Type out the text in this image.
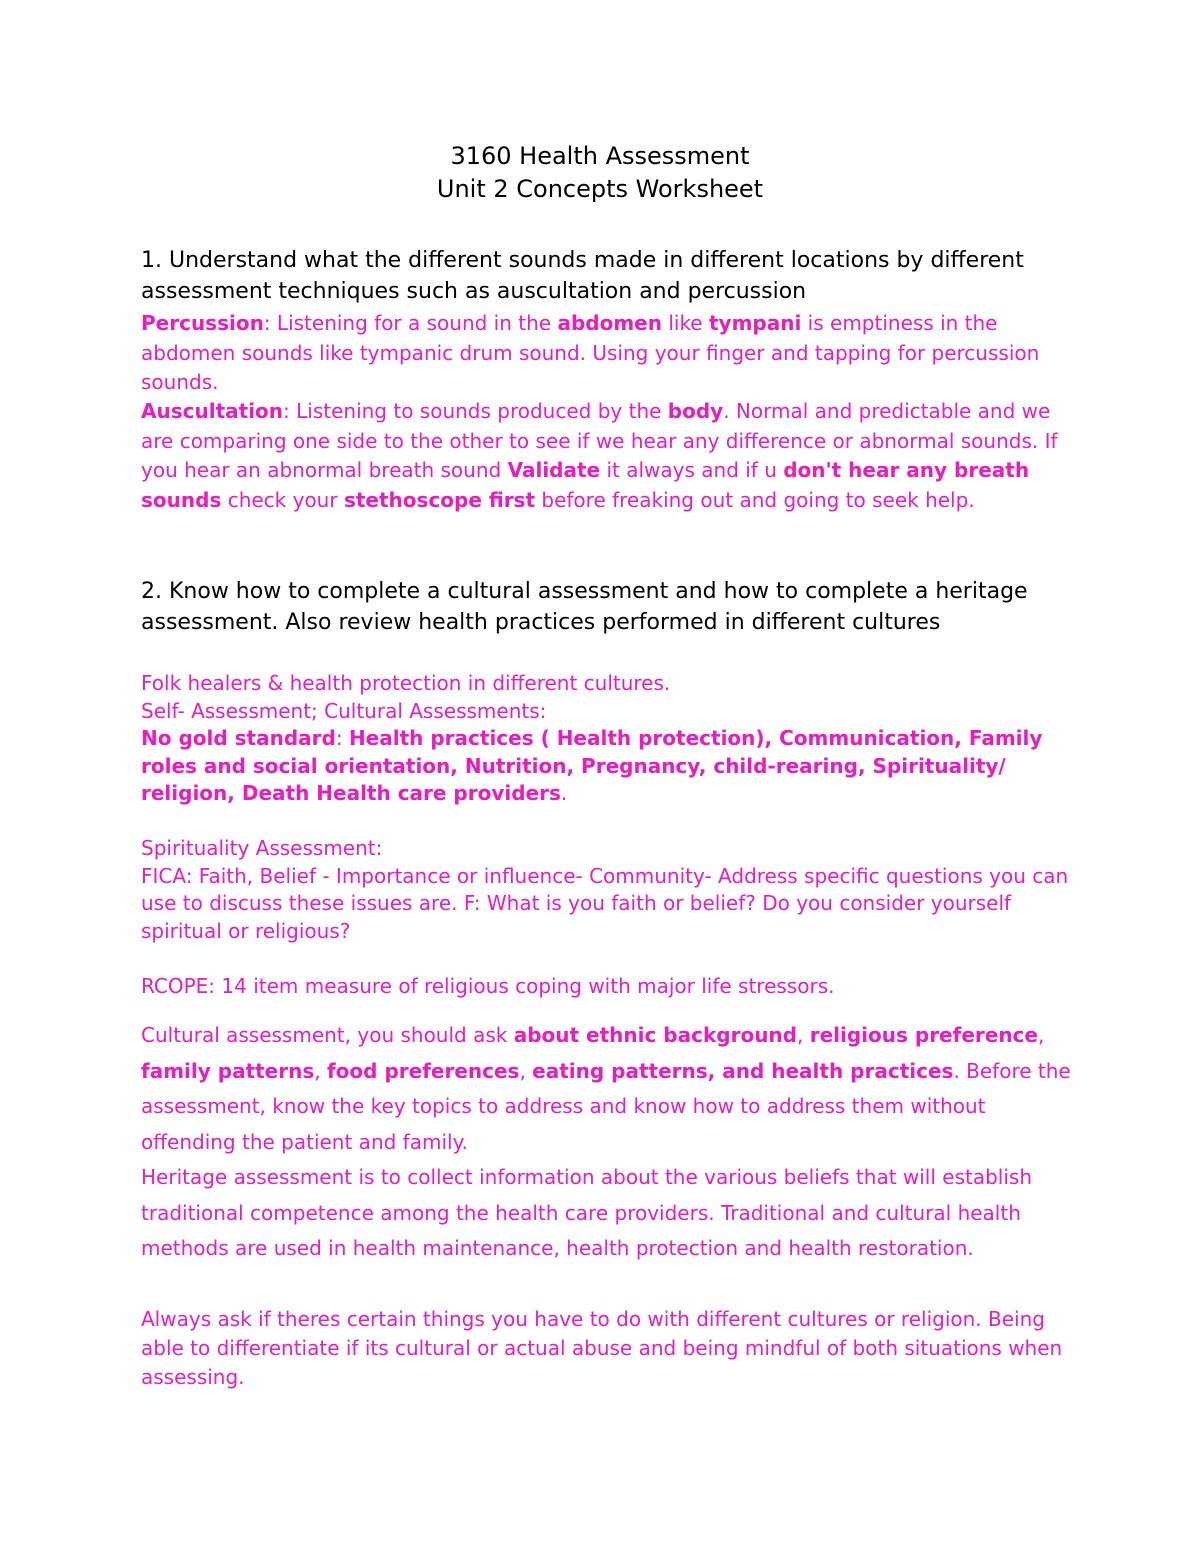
3160 Health Assessment
Unit 2 Concepts Worksheet

1. Understand what the different sounds made in different locations by different assessment techniques such as auscultation and percussion

Percussion: Listening for a sound in the abdomen like tympani is emptiness in the abdomen sounds like tympanic drum sound. Using your finger and tapping for percussion sounds.

Auscultation: Listening to sounds produced by the body. Normal and predictable and we are comparing one side to the other to see if we hear any difference or abnormal sounds. If you hear an abnormal breath sound Validate it always and if u don't hear any breath sounds check your stethoscope first before freaking out and going to seek help.

2. Know how to complete a cultural assessment and how to complete a heritage assessment. Also review health practices performed in different cultures

Folk healers & health protection in different cultures.
Self- Assessment; Cultural Assessments:
No gold standard: Health practices ( Health protection), Communication, Family roles and social orientation, Nutrition, Pregnancy, child-rearing, Spirituality/ religion, Death Health care providers.
Spirituality Assessment:
FICA: Faith, Belief - Importance or influence- Community- Address specific questions you can use to discuss these issues are. F: What is you faith or belief? Do you consider yourself spiritual or religious?

RCOPE: 14 item measure of religious coping with major life stressors.

Cultural assessment, you should ask about ethnic background, religious preference, family patterns, food preferences, eating patterns, and health practices. Before the assessment, know the key topics to address and know how to address them without offending the patient and family.
Heritage assessment is to collect information about the various beliefs that will establish traditional competence among the health care providers. Traditional and cultural health methods are used in health maintenance, health protection and health restoration.

Always ask if theres certain things you have to do with different cultures or religion. Being able to differentiate if its cultural or actual abuse and being mindful of both situations when assessing.
